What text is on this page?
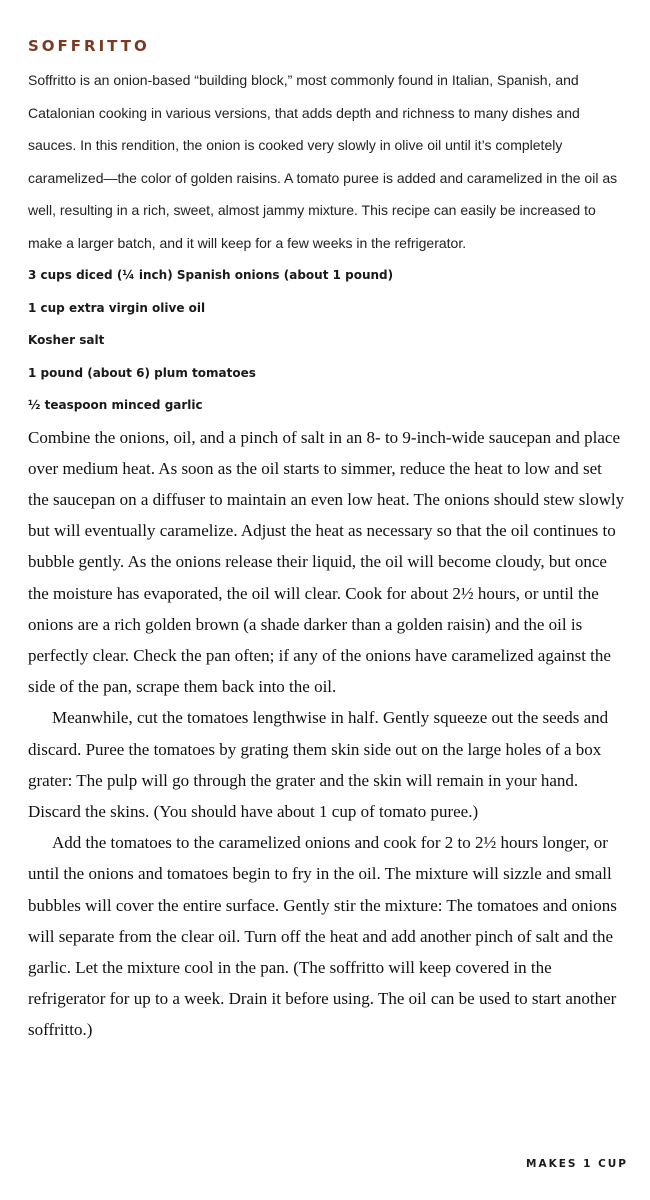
SOFFRITTO

Soffritto is an onion-based “building block,” most commonly found in Italian, Spanish, and Catalonian cooking in various versions, that adds depth and richness to many dishes and sauces. In this rendition, the onion is cooked very slowly in olive oil until it’s completely caramelized—the color of golden raisins. A tomato puree is added and caramelized in the oil as well, resulting in a rich, sweet, almost jammy mixture. This recipe can easily be increased to make a larger batch, and it will keep for a few weeks in the refrigerator.

3 cups diced (¼ inch) Spanish onions (about 1 pound)
1 cup extra virgin olive oil
Kosher salt
1 pound (about 6) plum tomatoes
½ teaspoon minced garlic

Combine the onions, oil, and a pinch of salt in an 8- to 9-inch-wide saucepan and place over medium heat. As soon as the oil starts to simmer, reduce the heat to low and set the saucepan on a diffuser to maintain an even low heat. The onions should stew slowly but will eventually caramelize. Adjust the heat as necessary so that the oil continues to bubble gently. As the onions release their liquid, the oil will become cloudy, but once the moisture has evaporated, the oil will clear. Cook for about 2½ hours, or until the onions are a rich golden brown (a shade darker than a golden raisin) and the oil is perfectly clear. Check the pan often; if any of the onions have caramelized against the side of the pan, scrape them back into the oil.

Meanwhile, cut the tomatoes lengthwise in half. Gently squeeze out the seeds and discard. Puree the tomatoes by grating them skin side out on the large holes of a box grater: The pulp will go through the grater and the skin will remain in your hand. Discard the skins. (You should have about 1 cup of tomato puree.)

Add the tomatoes to the caramelized onions and cook for 2 to 2½ hours longer, or until the onions and tomatoes begin to fry in the oil. The mixture will sizzle and small bubbles will cover the entire surface. Gently stir the mixture: The tomatoes and onions will separate from the clear oil. Turn off the heat and add another pinch of salt and the garlic. Let the mixture cool in the pan. (The soffritto will keep covered in the refrigerator for up to a week. Drain it before using. The oil can be used to start another soffritto.)

MAKES 1 CUP
